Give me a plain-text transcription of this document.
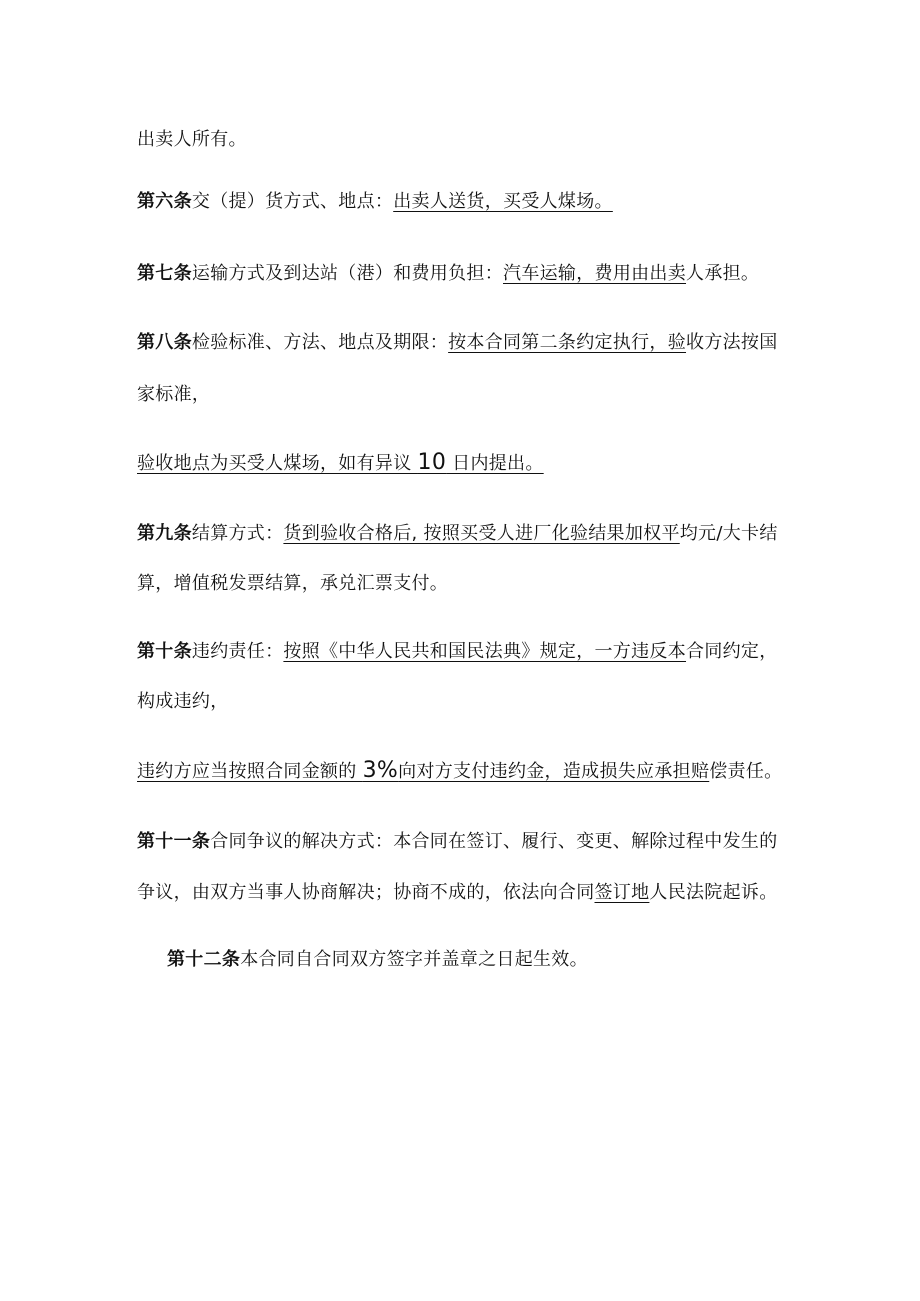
出卖人所有。
第六条交（提）货方式、地点：出卖人送货，买受人煤场。
第七条运输方式及到达站（港）和费用负担：汽车运输，费用由出卖人承担。
第八条检验标准、方法、地点及期限：按本合同第二条约定执行，验收方法按国
家标准，
验收地点为买受人煤场，如有异议 10 日内提出。
第九条结算方式：货到验收合格后, 按照买受人进厂化验结果加权平均元/大卡结
算，增值税发票结算，承兑汇票支付。
第十条违约责任：按照《中华人民共和国民法典》规定，一方违反本合同约定，
构成违约，
违约方应当按照合同金额的 3%向对方支付违约金，造成损失应承担赔偿责任。
第十一条合同争议的解决方式：本合同在签订、履行、变更、解除过程中发生的
争议，由双方当事人协商解决；协商不成的，依法向合同签订地人民法院起诉。
第十二条本合同自合同双方签字并盖章之日起生效。
